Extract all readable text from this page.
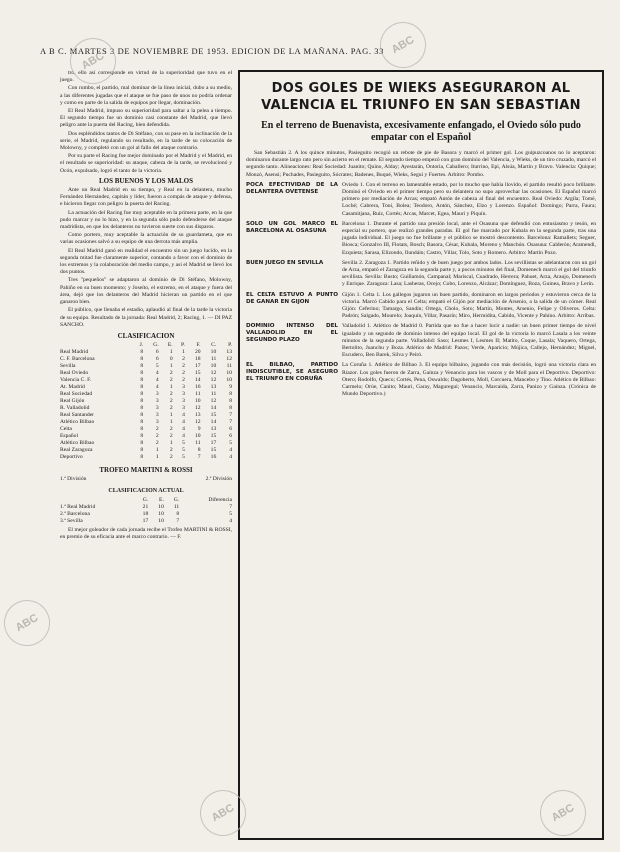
A B C. MARTES 3 DE NOVIEMBRE DE 1953. EDICION DE LA MAÑANA. PAG. 33

tro, ello así corresponde en virtud de la superioridad que tuvo en el juego.

Con rumbo, el partido, mal dominar de la línea inicial, dubo a su medio, a las diferentes jugadas que el ataque se fue paso de unos no podría ordenar y como en parte de la salida de equipos por llegar, dominación.

El Real Madrid, impuso su superioridad para saltar a la pelea a tiempo. El segundo tiempo fue un dominio casi constante del Madrid, que llevó peligro ante la puerta del Racing, bien defendida.

Dos espléndidos tantos de Di Stéfano, con su pase en la inclinación de la serie, el Madrid, regulando su resultado, en la tarde de su colocación de Molowny, y completó con un gol al fallo del ataque contrario.

Por su parte el Racing fue mejor dominado por el Madrid y el Madrid, en el resultado se superioridad: su ataque, cabeza de la tarde, se revolucionó y Ocón, expulsado, logró el tanto de la victoria.

LOS BUENOS Y LOS MALOS

Ante un Real Madrid en su tiempo, y Real en la delantera, mucho Fernández Hernández, capitán y líder, fueron a compás de ataque y defensa, e hicieron llegar con peligro la puerta del Racing.

La actuación del Racing fue muy aceptable en la primera parte, en la que pudo marcar y no lo hizo, y en la segunda sólo pudo defenderse del ataque madridista, en que los delanteros no tuvieron suerte con sus disparos.

Como portero, muy aceptable la actuación de su guardameta, que en varias ocasiones salvó a su equipo de una derrota más amplia.

El Real Madrid ganó en realidad el encuentro sin un juego lucido, en la segunda mitad fue claramente superior, contando a favor con el dominio de los extremos y la colaboración del medio campo, y así el Madrid se llevó los dos puntos.

Tres "pequeños" se adaptaron al dominio de Di Stéfano, Molowny, Pahiño en su buen momento; y Joseíto, el extremo, en el ataque y fuera del área, dejó que los delanteros del Madrid hicieran un partido en el que ganaron bien.

El público, que llenaba el estadio, aplaudió al final de la tarde la victoria de su equipo. Resultado de la jornada: Real Madrid, 2; Racing, 1. — DI PAZ SANCHO.

CLASIFICACION
	J.	G.	E.	P.	F.	C.	P.
Real Madrid	8	6	1	1	20	10	13
C. F. Barcelona	8	6	0	2	18	11	12
Sevilla	8	5	1	2	17	10	11
Real Oviedo	8	4	2	2	15	12	10
Valencia C. F.	8	4	2	2	14	12	10
At. Madrid	8	4	1	3	16	13	9
Real Sociedad	8	3	2	3	11	11	8
Real Gijón	8	3	2	3	10	12	8
R. Valladolid	8	3	2	3	12	14	8
Real Santander	8	3	1	4	13	15	7
Atlético Bilbao	8	3	1	4	12	14	7
Celta	8	2	2	4	9	13	6
Español	8	2	2	4	10	15	6
Atlético Bilbao	8	2	1	5	11	17	5
Real Zaragoza	8	1	2	5	8	15	4
Deportivo	8	1	2	5	7	16	4
TROFEO MARTINI & ROSSI
1.ª División	2.ª División
CLASIFICACION ACTUAL
	G.	E.	G.	Diferencia
1.ª Real Madrid	21	10	11	7
2.ª Barcelona	18	10	8	5
3.ª Sevilla	17	10	7	4

El mejor goleador de cada jornada recibe el Trofeo MARTINI & ROSSI, en premio de su eficacia ante el marco contrario. — F.

DOS GOLES DE WIEKS ASEGURARON AL VALENCIA EL TRIUNFO EN SAN SEBASTIAN
En el terreno de Buenavista, excesivamente enfangado, el Oviedo sólo pudo empatar con el Español

San Sebastián 2. A los quince minutos, Pasieguito recogió un rebote de pie de Basora y marcó el primer gol. Los guipuzcoanos no lo aceptaron: dominaron durante largo rato pero sin acierto en el remate. El segundo tiempo empezó con gran dominio del Valencia, y Wieks, de un tiro cruzado, marcó el segundo tanto. Alineaciones: Real Sociedad: Juanito; Quino, Alday; Ayestarán, Ontoria, Caballero; Iturrino, Epi, Alsúa, Martín y Bravo. Valencia: Quique; Monzó, Asensi; Puchades, Pasieguito, Sócrates; Badenes, Buqué, Wieks, Seguí y Fuertes. Arbitro: Pombo.

POCA EFECTIVIDAD DE LA DELANTERA OVETENSE
Oviedo 1. Con el terreno en lamentable estado, por lo mucho que había llovido, el partido resultó poco brillante. Dominó el Oviedo en el primer tiempo pero su delantera no supo aprovechar las ocasiones. El Español marcó primero por mediación de Arcas; empató Antón de cabeza al final del encuentro. Real Oviedo: Argila; Tomé, Loché; Cabrera, Toni, Bolea; Teodoro, Antón, Sánchez, Elzo y Lorenzo. Español: Domingo; Parra, Faura; Casamitjana, Ruiz, Cortés; Arcas, Marcet, Egea, Mauri y Piquín.
SOLO UN GOL MARCO EL BARCELONA AL OSASUNA
Barcelona 1. Durante el partido una presión local, ante el Osasuna que defendió con entusiasmo y tesón, en especial su portero, que realizó grandes paradas. El gol fue marcado por Kubala en la segunda parte, tras una jugada individual. El juego no fue brillante y el público se mostró descontento. Barcelona: Ramallets; Seguer, Biosca; Gonzalvo III, Flotats, Bosch; Basora, César, Kubala, Moreno y Manchón. Osasuna: Calderón; Aramendi, Ezquieta; Sarasa, Elizondo, Ilundáin; Castro, Villar, Tolo, Soto y Romero. Arbitro: Martín Pozo.
BUEN JUEGO EN SEVILLA	Sevilla 2. Zaragoza 1. Partido reñido y de buen juego por ambos lados. Los sevillistas se adelantaron con un gol de Arza, empató el Zaragoza en la segunda parte y, a pocos minutos del final, Domenech marcó el gol del triunfo sevillista. Sevilla: Busto; Guillamón, Campanal; Mariscal, Cuadrado, Herrera; Pahuet, Arza, Araujo, Domenech y Enrique. Zaragoza: Lasa; Lasheras, Ocejo; Cobo, Lorenzo, Alcázar; Domínguez, Boza, Guinea, Bravo y Lerín.
EL CELTA ESTUVO A PUNTO DE GANAR EN GIJON
Gijón 1. Celta 1. Los gallegos jugaron un buen partido, dominaron en largos periodos y estuvieron cerca de la victoria. Marcó Cabido para el Celta; empató el Gijón por mediación de Arsenio, a la salida de un córner. Real Gijón: Ceferino; Tamargo, Sandín; Ortega, Cholo, Soto; Martín, Montes, Arsenio, Felipe y Oliveros. Celta: Padrón; Salgado, Mourelo; Joaquín, Villar, Pasarín; Miro, Hermidita, Cabido, Vicente y Pahíno. Arbitro: Arribas.
DOMINIO INTENSO DEL VALLADOLID EN EL SEGUNDO PLAZO
Valladolid 1. Atlético de Madrid 0. Partida que no fue a hacer lucir a nadie: un buen primer tiempo de nivel igualado y un segundo de dominio intenso del equipo local. El gol de la victoria lo marcó Lasala a los veinte minutos de la segunda parte. Valladolid: Saso; Lesmes I, Lesmes II; Matito, Coque, Lasala; Vaquero, Ortega, Bertolito, Juanchu y Boza. Atlético de Madrid: Pazos; Verde, Aparicio; Mújica, Callejo, Hernández; Miguel, Escudero, Ben Barek, Silva y Peiró.
EL BILBAO, PARTIDO INDISCUTIBLE, SE ASEGURO EL TRIUNFO EN CORUÑA
La Coruña 1. Atlético de Bilbao 3. El equipo bilbaíno, jugando con más decisión, logró una victoria clara en Riazor. Los goles fueron de Zarra, Gaínza y Venancio para los vascos y de Moll para el Deportivo. Deportivo: Otero; Rodolfo, Queco; Cortés, Pena, Oswaldo; Dagoberto, Moll, Corcuera, Mancebo y Tino. Atlético de Bilbao: Carmelo; Orúe, Canito; Mauri, Garay, Maguregui; Venancio, Marcaida, Zarra, Panizo y Gaínza. (Crónica de Mundo Deportivo.)
ABC
ABC
ABC	ABC
ABC
